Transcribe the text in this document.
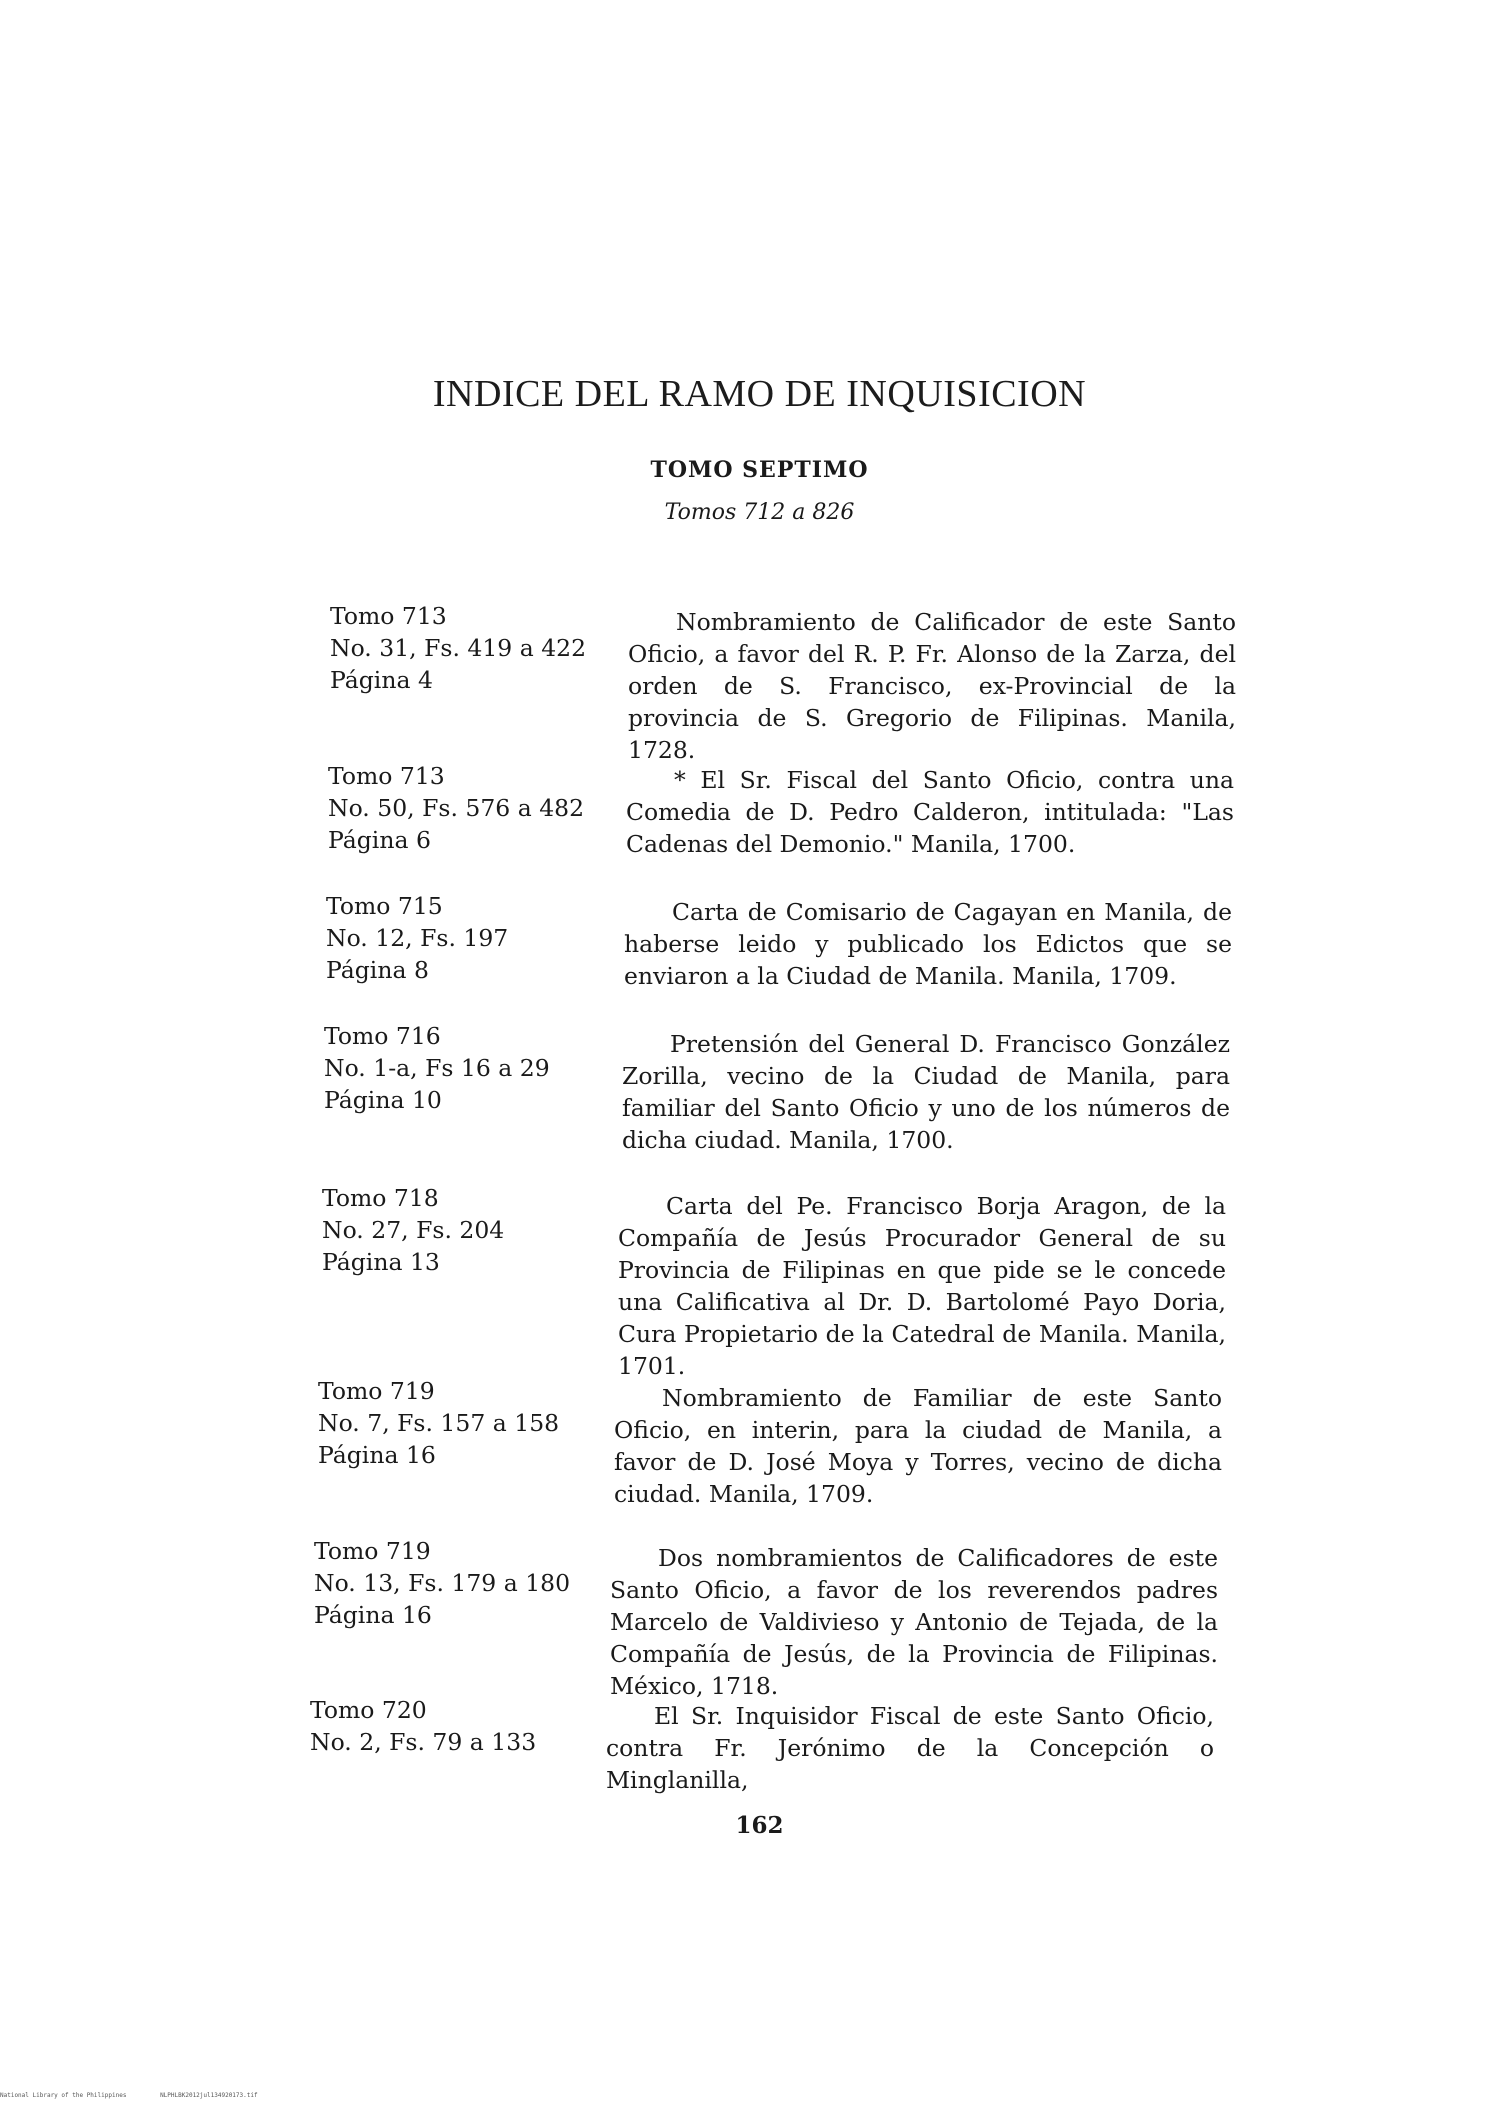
INDICE DEL RAMO DE INQUISICION
TOMO SEPTIMO
Tomos 712 a 826
Tomo 713
No. 31, Fs. 419 a 422
Página 4
Nombramiento de Calificador de este Santo Oficio, a favor del R. P. Fr. Alonso de la Zarza, del orden de S. Francisco, ex-Provincial de la provincia de S. Gregorio de Filipinas. Manila, 1728.
Tomo 713
No. 50, Fs. 576 a 482
Página 6
* El Sr. Fiscal del Santo Oficio, contra una Comedia de D. Pedro Calderon, intitulada: "Las Cadenas del Demonio." Manila, 1700.
Tomo 715
No. 12, Fs. 197
Página 8
Carta de Comisario de Cagayan en Manila, de haberse leido y publicado los Edictos que se enviaron a la Ciudad de Manila. Manila, 1709.
Tomo 716
No. 1-a, Fs 16 a 29
Página 10
Pretensión del General D. Francisco González Zorilla, vecino de la Ciudad de Manila, para familiar del Santo Oficio y uno de los números de dicha ciudad. Manila, 1700.
Tomo 718
No. 27, Fs. 204
Página 13
Carta del Pe. Francisco Borja Aragon, de la Compañía de Jesús Procurador General de su Provincia de Filipinas en que pide se le concede una Calificativa al Dr. D. Bartolomé Payo Doria, Cura Propietario de la Catedral de Manila. Manila, 1701.
Tomo 719
No. 7, Fs. 157 a 158
Página 16
Nombramiento de Familiar de este Santo Oficio, en interin, para la ciudad de Manila, a favor de D. José Moya y Torres, vecino de dicha ciudad. Manila, 1709.
Tomo 719
No. 13, Fs. 179 a 180
Página 16
Dos nombramientos de Calificadores de este Santo Oficio, a favor de los reverendos padres Marcelo de Valdivieso y Antonio de Tejada, de la Compañía de Jesús, de la Provincia de Filipinas. México, 1718.
Tomo 720
No. 2, Fs. 79 a 133
El Sr. Inquisidor Fiscal de este Santo Oficio, contra Fr. Jerónimo de la Concepción o Minglanilla,
162
National Library of the Philippines	NLPHLBK2012jul134920173.tif
